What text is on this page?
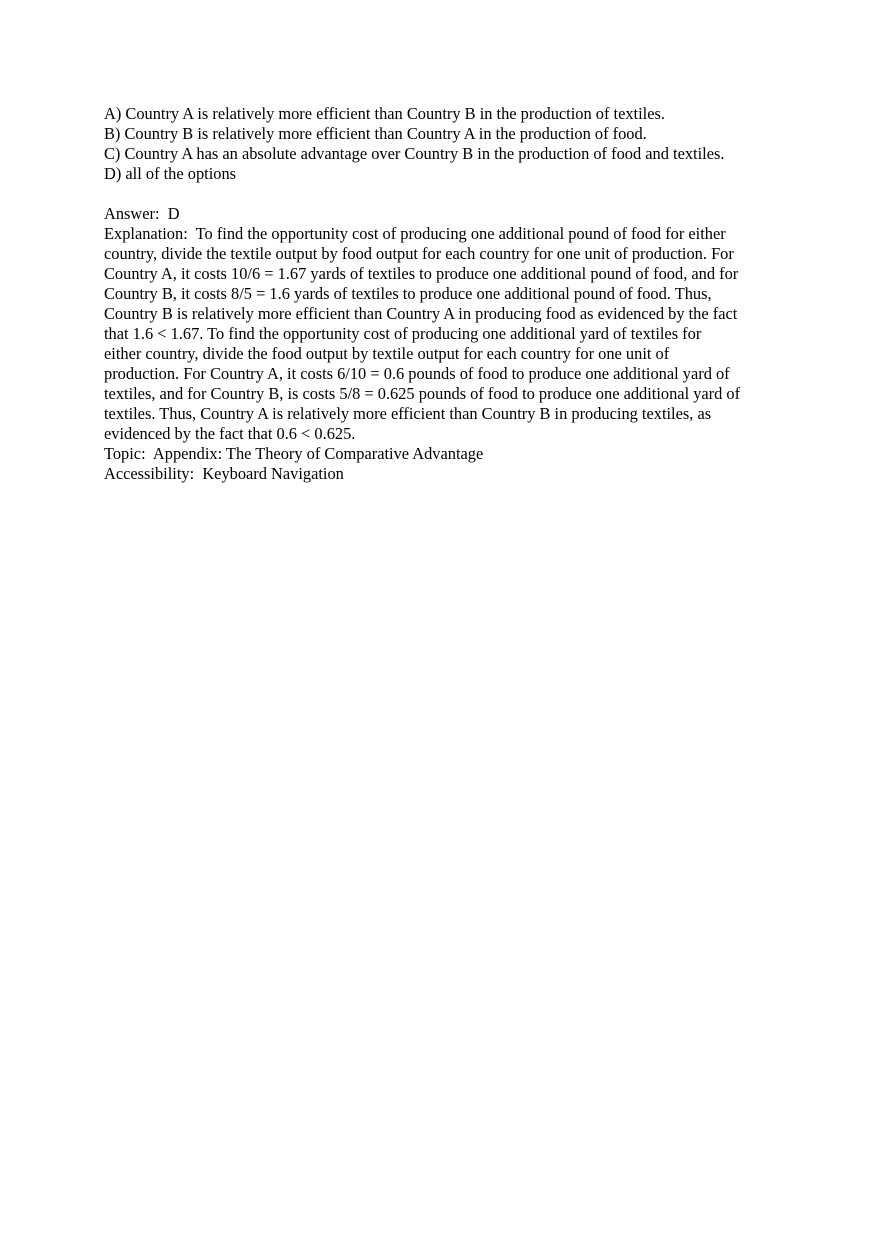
A) Country A is relatively more efficient than Country B in the production of textiles.
B) Country B is relatively more efficient than Country A in the production of food.
C) Country A has an absolute advantage over Country B in the production of food and textiles.
D) all of the options
Answer:  D
Explanation:  To find the opportunity cost of producing one additional pound of food for either
country, divide the textile output by food output for each country for one unit of production. For
Country A, it costs 10/6 = 1.67 yards of textiles to produce one additional pound of food, and for
Country B, it costs 8/5 = 1.6 yards of textiles to produce one additional pound of food. Thus,
Country B is relatively more efficient than Country A in producing food as evidenced by the fact
that 1.6 < 1.67. To find the opportunity cost of producing one additional yard of textiles for
either country, divide the food output by textile output for each country for one unit of
production. For Country A, it costs 6/10 = 0.6 pounds of food to produce one additional yard of
textiles, and for Country B, is costs 5/8 = 0.625 pounds of food to produce one additional yard of
textiles. Thus, Country A is relatively more efficient than Country B in producing textiles, as
evidenced by the fact that 0.6 < 0.625.
Topic:  Appendix: The Theory of Comparative Advantage
Accessibility:  Keyboard Navigation
